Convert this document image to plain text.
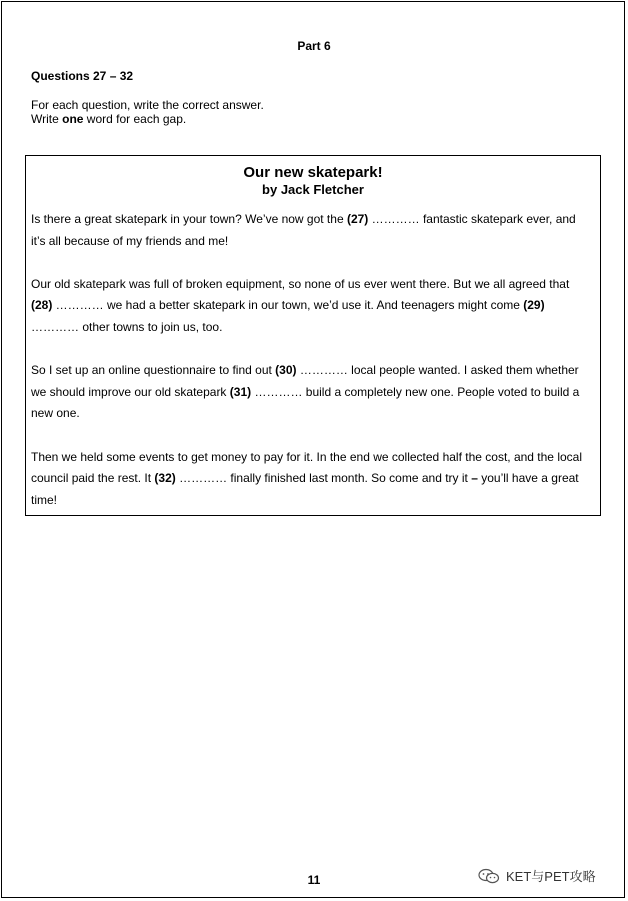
Part 6
Questions 27 – 32
For each question, write the correct answer.
Write one word for each gap.
Our new skatepark!
by Jack Fletcher

Is there a great skatepark in your town? We’ve now got the (27) ………… fantastic skatepark ever, and it’s all because of my friends and me!

Our old skatepark was full of broken equipment, so none of us ever went there. But we all agreed that (28) ………… we had a better skatepark in our town, we’d use it. And teenagers might come (29) ………… other towns to join us, too.

So I set up an online questionnaire to find out (30) ………… local people wanted. I asked them whether we should improve our old skatepark (31) ………… build a completely new one. People voted to build a new one.

Then we held some events to get money to pay for it. In the end we collected half the cost, and the local council paid the rest. It (32) ………… finally finished last month. So come and try it – you’ll have a great time!

11	KET与PET攻略
